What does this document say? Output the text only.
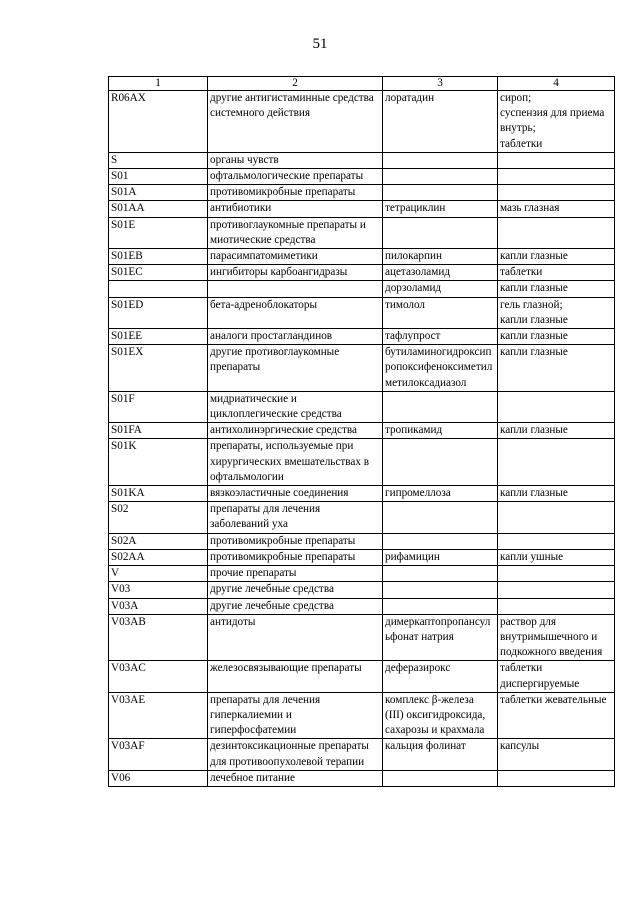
51
1	2	3	4
R06AX	другие антигистаминные средства системного действия	лоратадин	сироп;
суспензия для приема внутрь;
таблетки

S	органы чувств		
S01	офтальмологические препараты		
S01A	противомикробные препараты		
S01AA	антибиотики	тетрациклин	мазь глазная
S01E	противоглаукомные препараты и миотические средства		
S01EB	парасимпатомиметики	пилокарпин	капли глазные
S01EC	ингибиторы карбоангидразы	ацетазоламид	таблетки
		дорзоламид	капли глазные
S01ED	бета-адреноблокаторы	тимолол	гель глазной;
капли глазные

S01EE	аналоги простагландинов	тафлупрост	капли глазные
S01EX	другие противоглаукомные препараты	бутиламиногидроксипропоксифеноксиметил метилоксадиазол	капли глазные
S01F	мидриатические и циклоплегические средства		
S01FA	антихолинэргические средства	тропикамид	капли глазные
S01K	препараты, используемые при хирургических вмешательствах в офтальмологии		
S01KA	вязкоэластичные соединения	гипромеллоза	капли глазные
S02	препараты для лечения заболеваний уха		
S02A	противомикробные препараты		
S02AA	противомикробные препараты	рифамицин	капли ушные
V	прочие препараты		
V03	другие лечебные средства		
V03A	другие лечебные средства		
V03AB	антидоты	димеркаптопропансульфонат натрия	раствор для внутримышечного и подкожного введения
V03AC	железосвязывающие препараты	деферазирокс	таблетки диспергируемые
V03AE	препараты для лечения гиперкалиемии и гиперфосфатемии	комплекс β-железа (III) оксигидроксида, сахарозы и крахмала	таблетки жевательные
V03AF	дезинтоксикационные препараты для противоопухолевой терапии	кальция фолинат	капсулы
V06	лечебное питание		
